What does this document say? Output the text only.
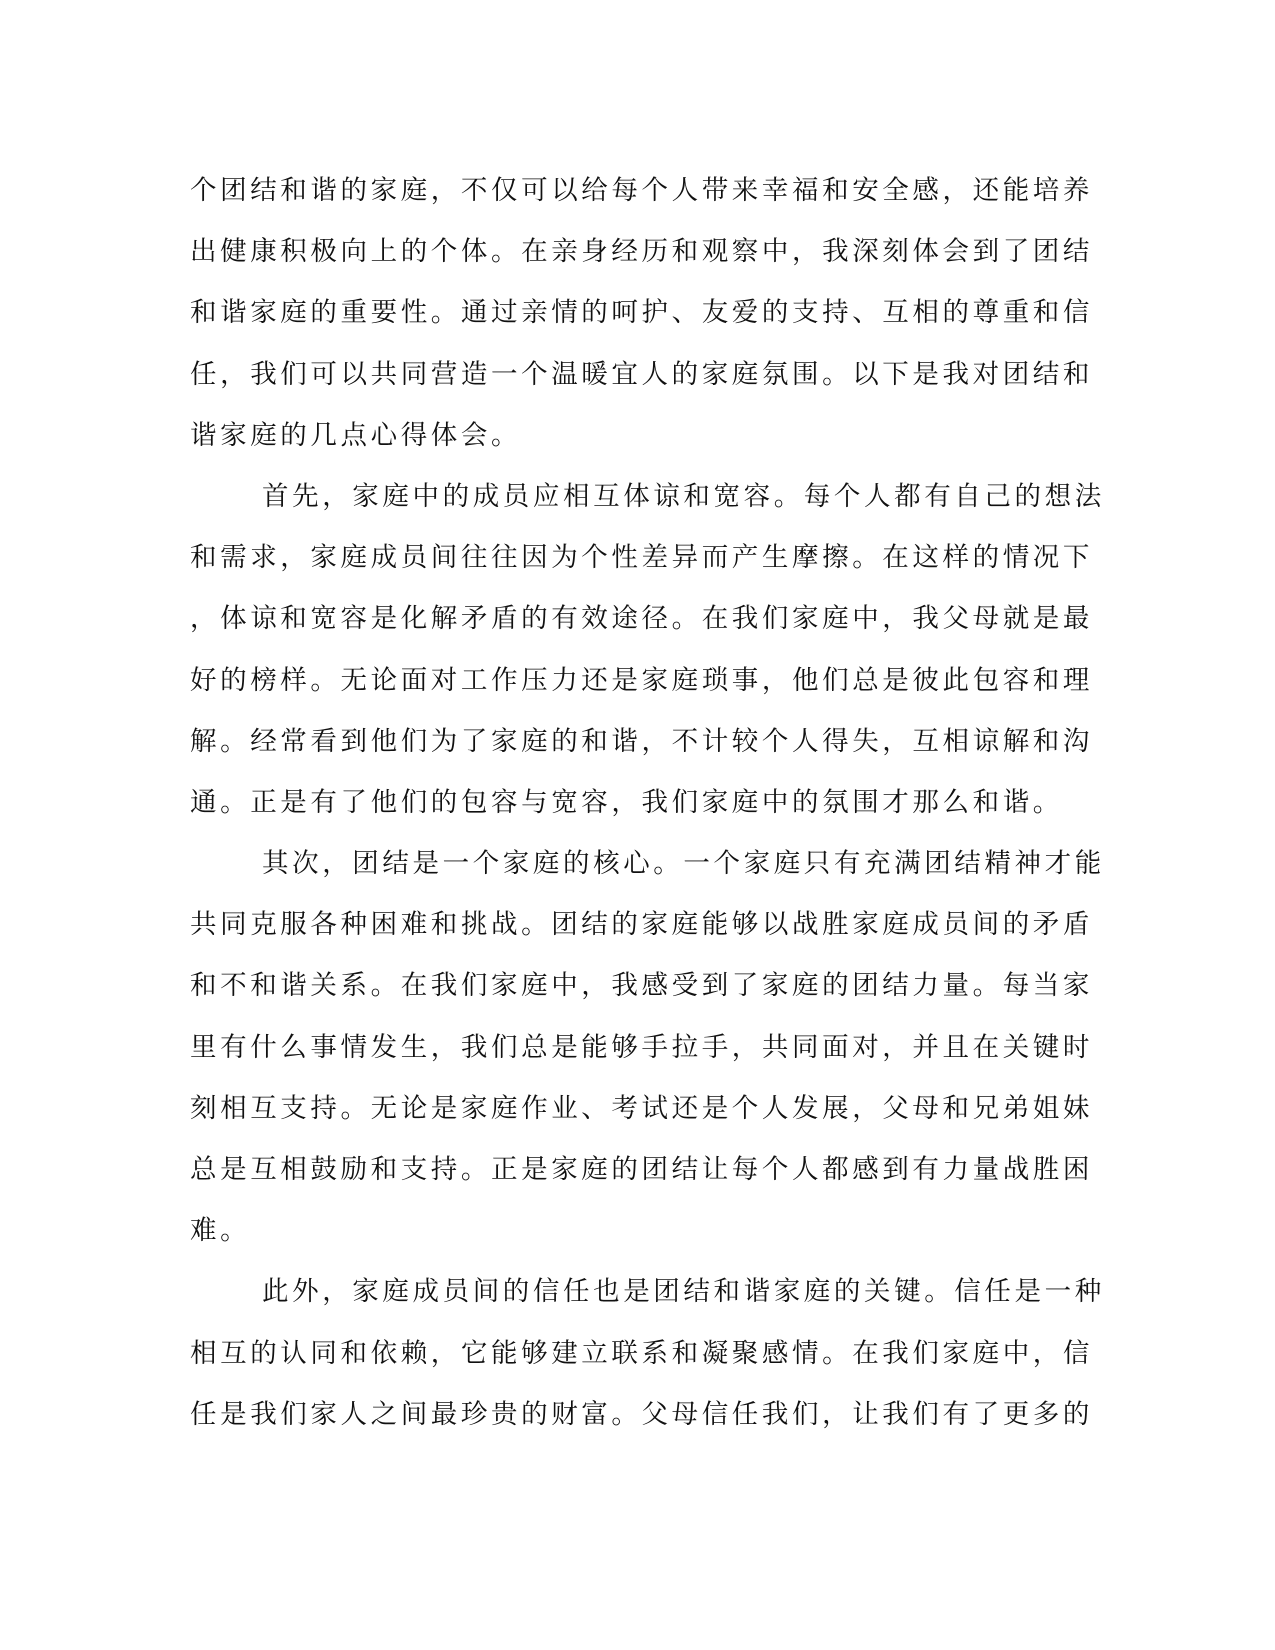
个团结和谐的家庭，不仅可以给每个人带来幸福和安全感，还能培养
出健康积极向上的个体。在亲身经历和观察中，我深刻体会到了团结
和谐家庭的重要性。通过亲情的呵护、友爱的支持、互相的尊重和信
任，我们可以共同营造一个温暖宜人的家庭氛围。以下是我对团结和
谐家庭的几点心得体会。
首先，家庭中的成员应相互体谅和宽容。每个人都有自己的想法
和需求，家庭成员间往往因为个性差异而产生摩擦。在这样的情况下
，体谅和宽容是化解矛盾的有效途径。在我们家庭中，我父母就是最
好的榜样。无论面对工作压力还是家庭琐事，他们总是彼此包容和理
解。经常看到他们为了家庭的和谐，不计较个人得失，互相谅解和沟
通。正是有了他们的包容与宽容，我们家庭中的氛围才那么和谐。
其次，团结是一个家庭的核心。一个家庭只有充满团结精神才能
共同克服各种困难和挑战。团结的家庭能够以战胜家庭成员间的矛盾
和不和谐关系。在我们家庭中，我感受到了家庭的团结力量。每当家
里有什么事情发生，我们总是能够手拉手，共同面对，并且在关键时
刻相互支持。无论是家庭作业、考试还是个人发展，父母和兄弟姐妹
总是互相鼓励和支持。正是家庭的团结让每个人都感到有力量战胜困
难。
此外，家庭成员间的信任也是团结和谐家庭的关键。信任是一种
相互的认同和依赖，它能够建立联系和凝聚感情。在我们家庭中，信
任是我们家人之间最珍贵的财富。父母信任我们，让我们有了更多的
